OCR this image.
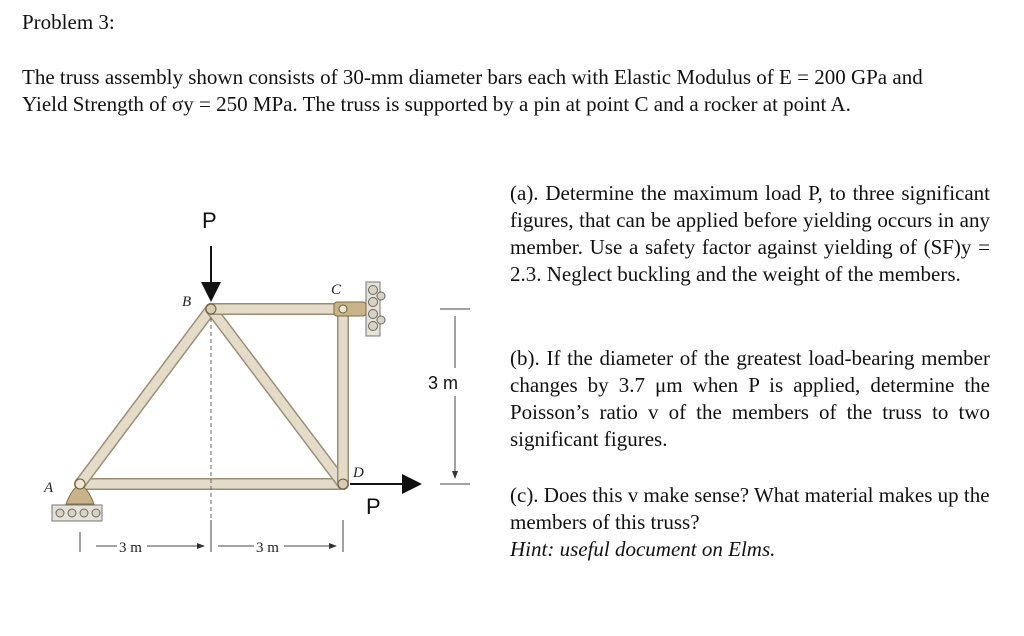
Problem 3:
The truss assembly shown consists of 30-mm diameter bars each with Elastic Modulus of E = 200 GPa and Yield Strength of σy = 250 MPa. The truss is supported by a pin at point C and a rocker at point A.
(a). Determine the maximum load P, to three significant figures, that can be applied before yielding occurs in any member. Use a safety factor against yielding of (SF)y = 2.3. Neglect buckling and the weight of the members.
(b). If the diameter of the greatest load-bearing member changes by 3.7 μm when P is applied, determine the Poisson’s ratio v of the members of the truss to two significant figures.
(c). Does this v make sense? What material makes up the members of this truss?
Hint: useful document on Elms.
P
P
A
B
C
D
3 m	3 m
3 m
